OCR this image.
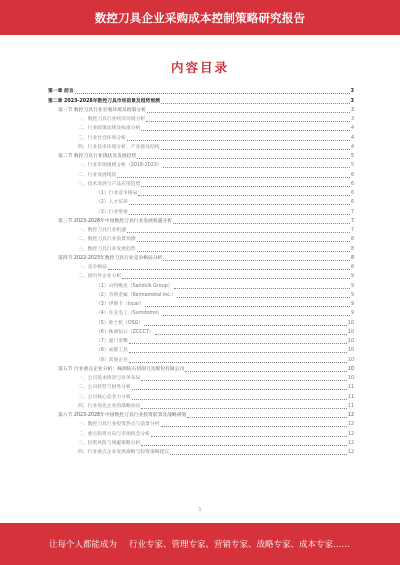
数控刀具企业采购成本控制策略研究报告
内容目录
第一章 前言	3
第二章 2023-2028年数控刀具市场前景及趋势预测	3
第一节 数控刀具行业宏观环境及政策分析	3
一、数控刀具行业经济环境分析	3
二、行业政策法规及标准分析	4
三、行业社会环境分析	4
四、行业技术环境分析、产业链及结构	4
第二节 数控刀具行业现状及发展趋势	5
一、行业市场规模分析（2018-2023）	5
二、行业发展现状	6
三、技术发展与产品应用趋势	6
（1）行业竞争格局	6
（2）人才培养	6
（3）行业壁垒	7
第三节 2023-2028年中国数控刀具行业发展机遇分析	7
一、数控刀具行业机遇	7
二、数控刀具行业前景预测	8
三、数控刀具行业发展趋势	8
第四节 2022-2023年数控刀具行业竞争格局分析	8
一、竞争格局	8
二、国内外企业分析	9
（1）山特维克（Sandvik Group）	9
（2）肯纳金属（Kennametal Inc.）	9
（3）伊斯卡（Iscar）	9
（4）住友电工（Sumitomo）	9
（5）欧士机（OSG）	10
（6）株洲钻石（ZCCCT）	10
（7）厦门金鹭	10
（8）成都工具	10
（9）其他企业	10
第五节 行业重点企业分析：株洲钻石切削刀具股份有限公司	10
一、公司基本情况与业务布局	10
二、公司经营与财务分析	11
三、公司核心竞争力分析	11
四、行业领先企业的战略动向	11
第六节 2023-2028年中国数控刀具行业投资前景及战略规划	12
一、数控刀具行业投资热点与前景分析	12
二、重点投资方向与市场机会分析	12
三、投资风险与规避策略分析	12
四、行业重点企业发展战略与投资策略建议	12
1
让每个人都能成为 行业专家、管理专家、营销专家、战略专家、成本专家……
